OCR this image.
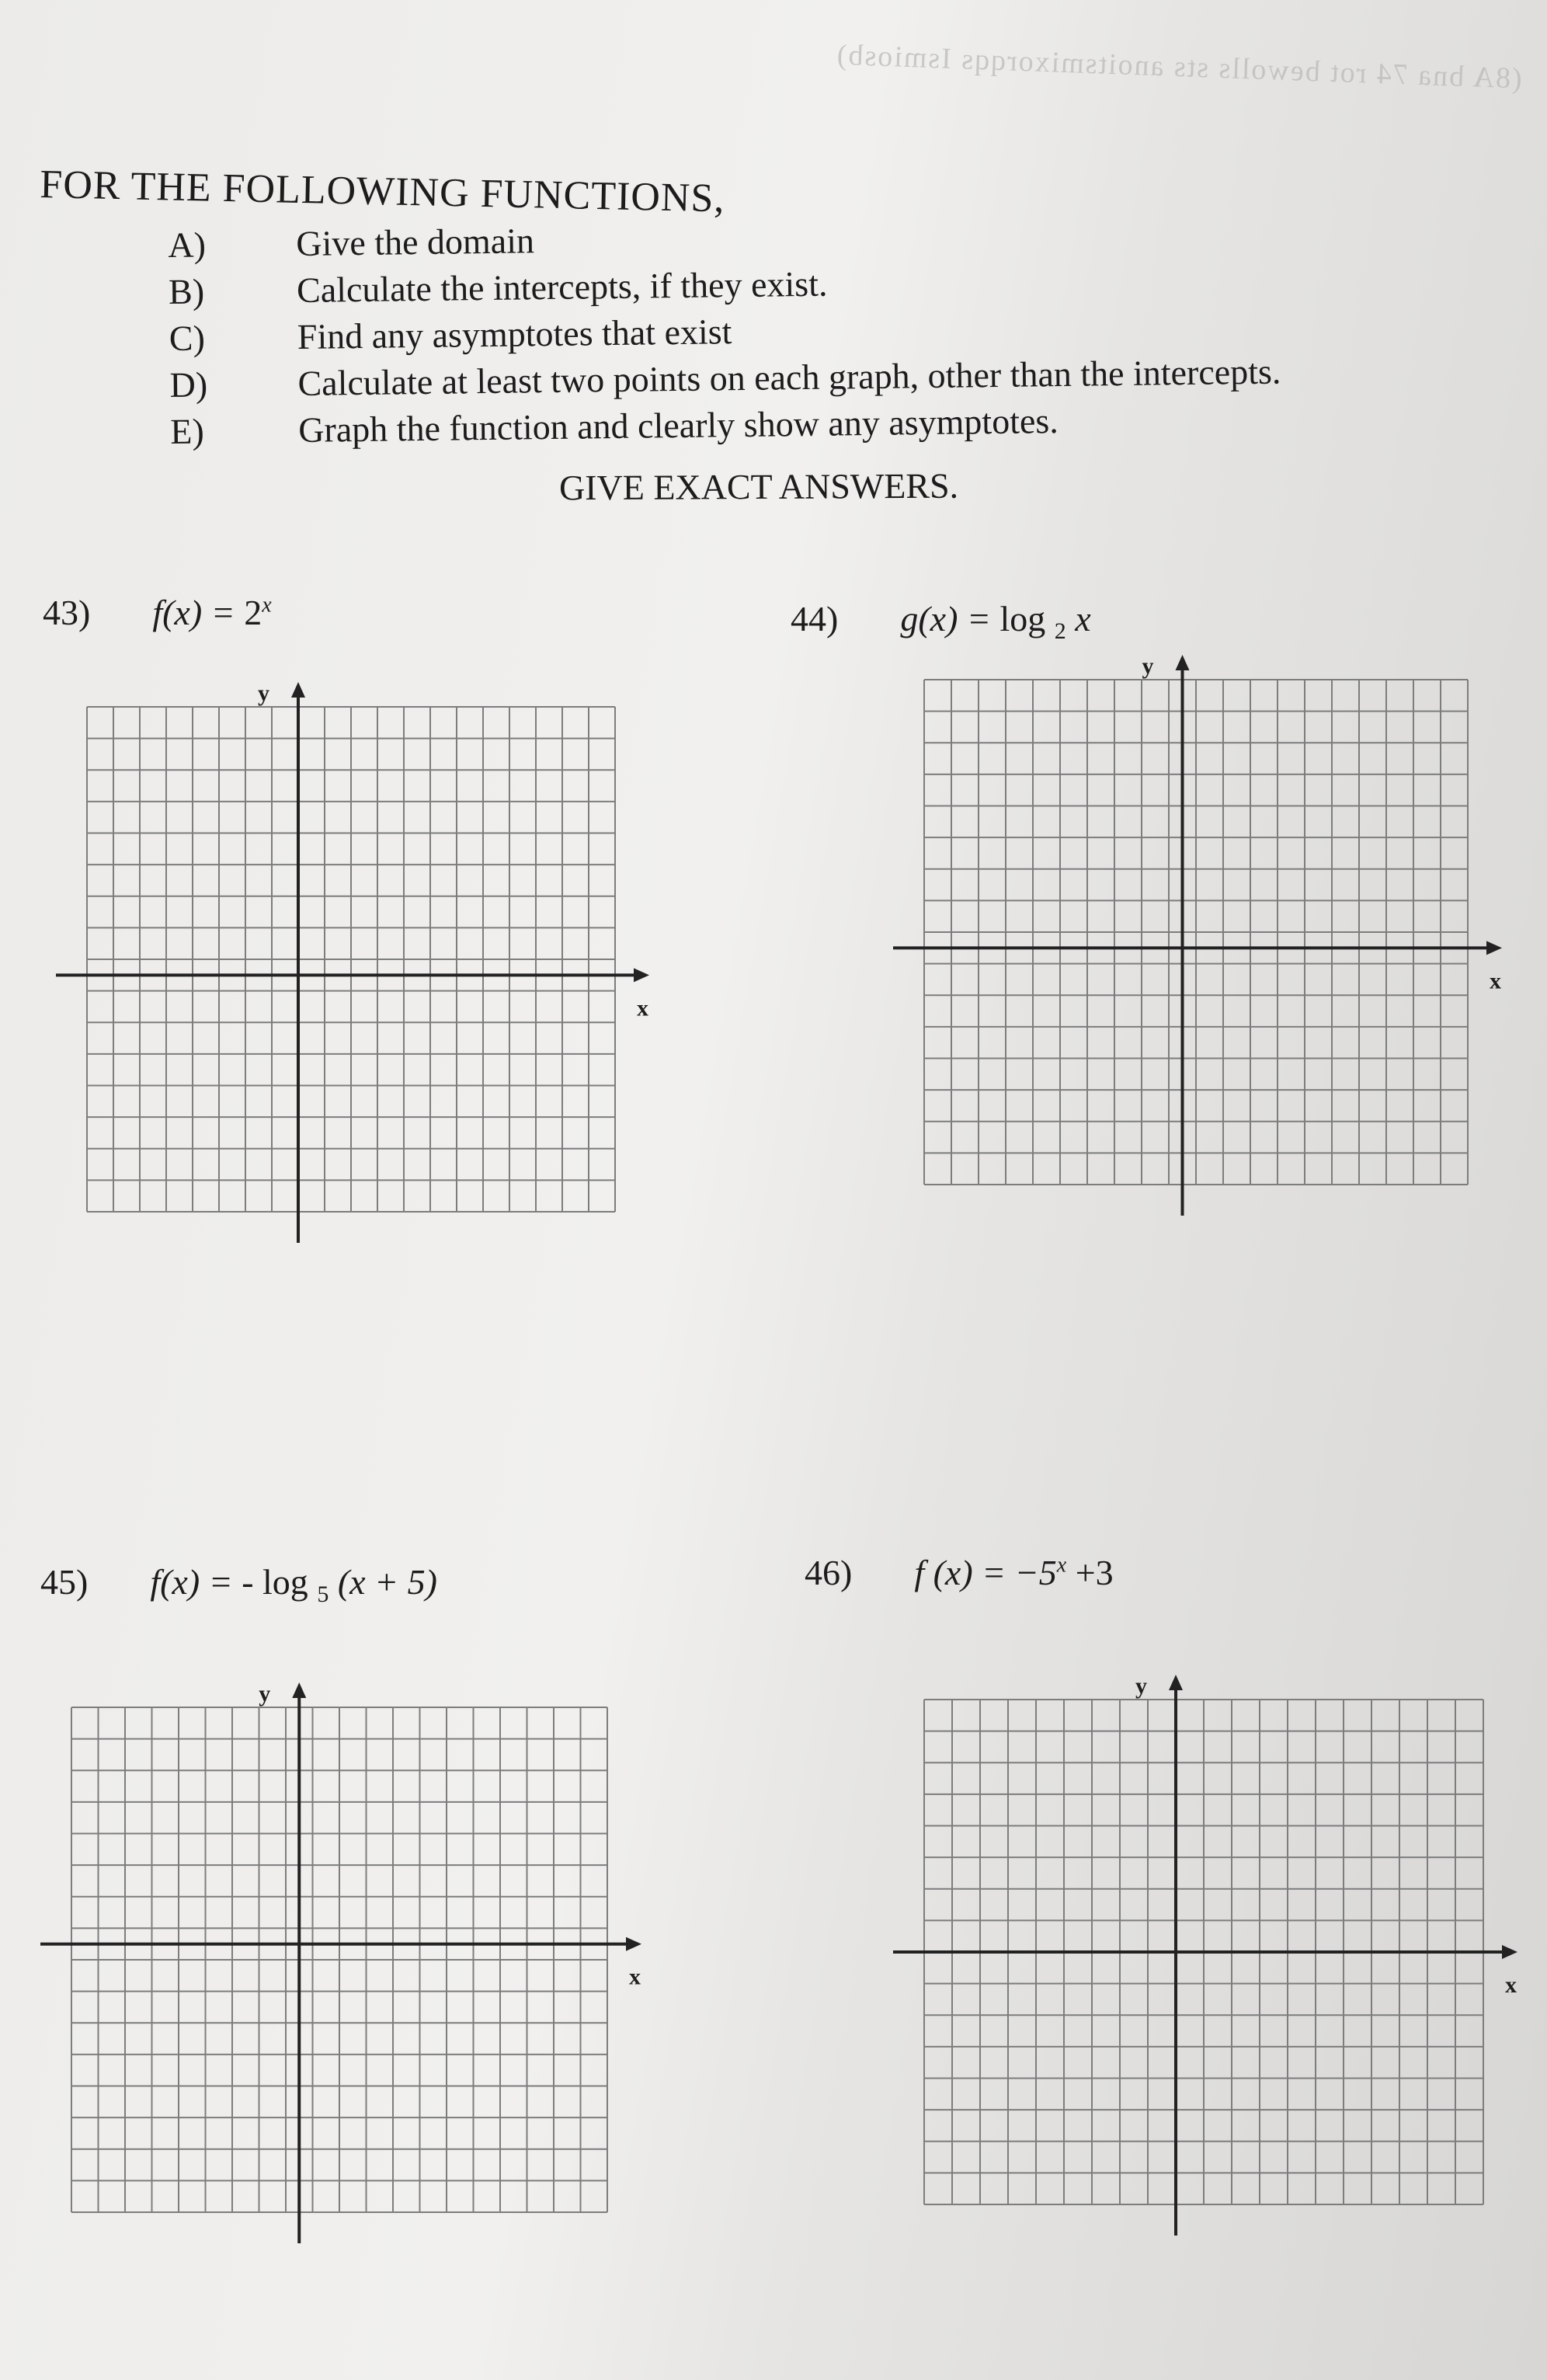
(8A bna 74 rot bewolls sts anoitsmixorqqs Ismiosb)
FOR THE FOLLOWING FUNCTIONS,
A)	Give the domain
B)	Calculate the intercepts, if they exist.
C)	Find any asymptotes that exist
D)	Calculate at least two points on each graph, other than the intercepts.
E)	Graph the function and clearly show any asymptotes.
GIVE EXACT ANSWERS.
43) $f(x) = 2^x$	44) g(x) = log $_2$ x
45) f(x) = - log $_5$ (x + 5)	46) f $(x) = -5^x +3$
x
y
x
y
x
y
x
y
